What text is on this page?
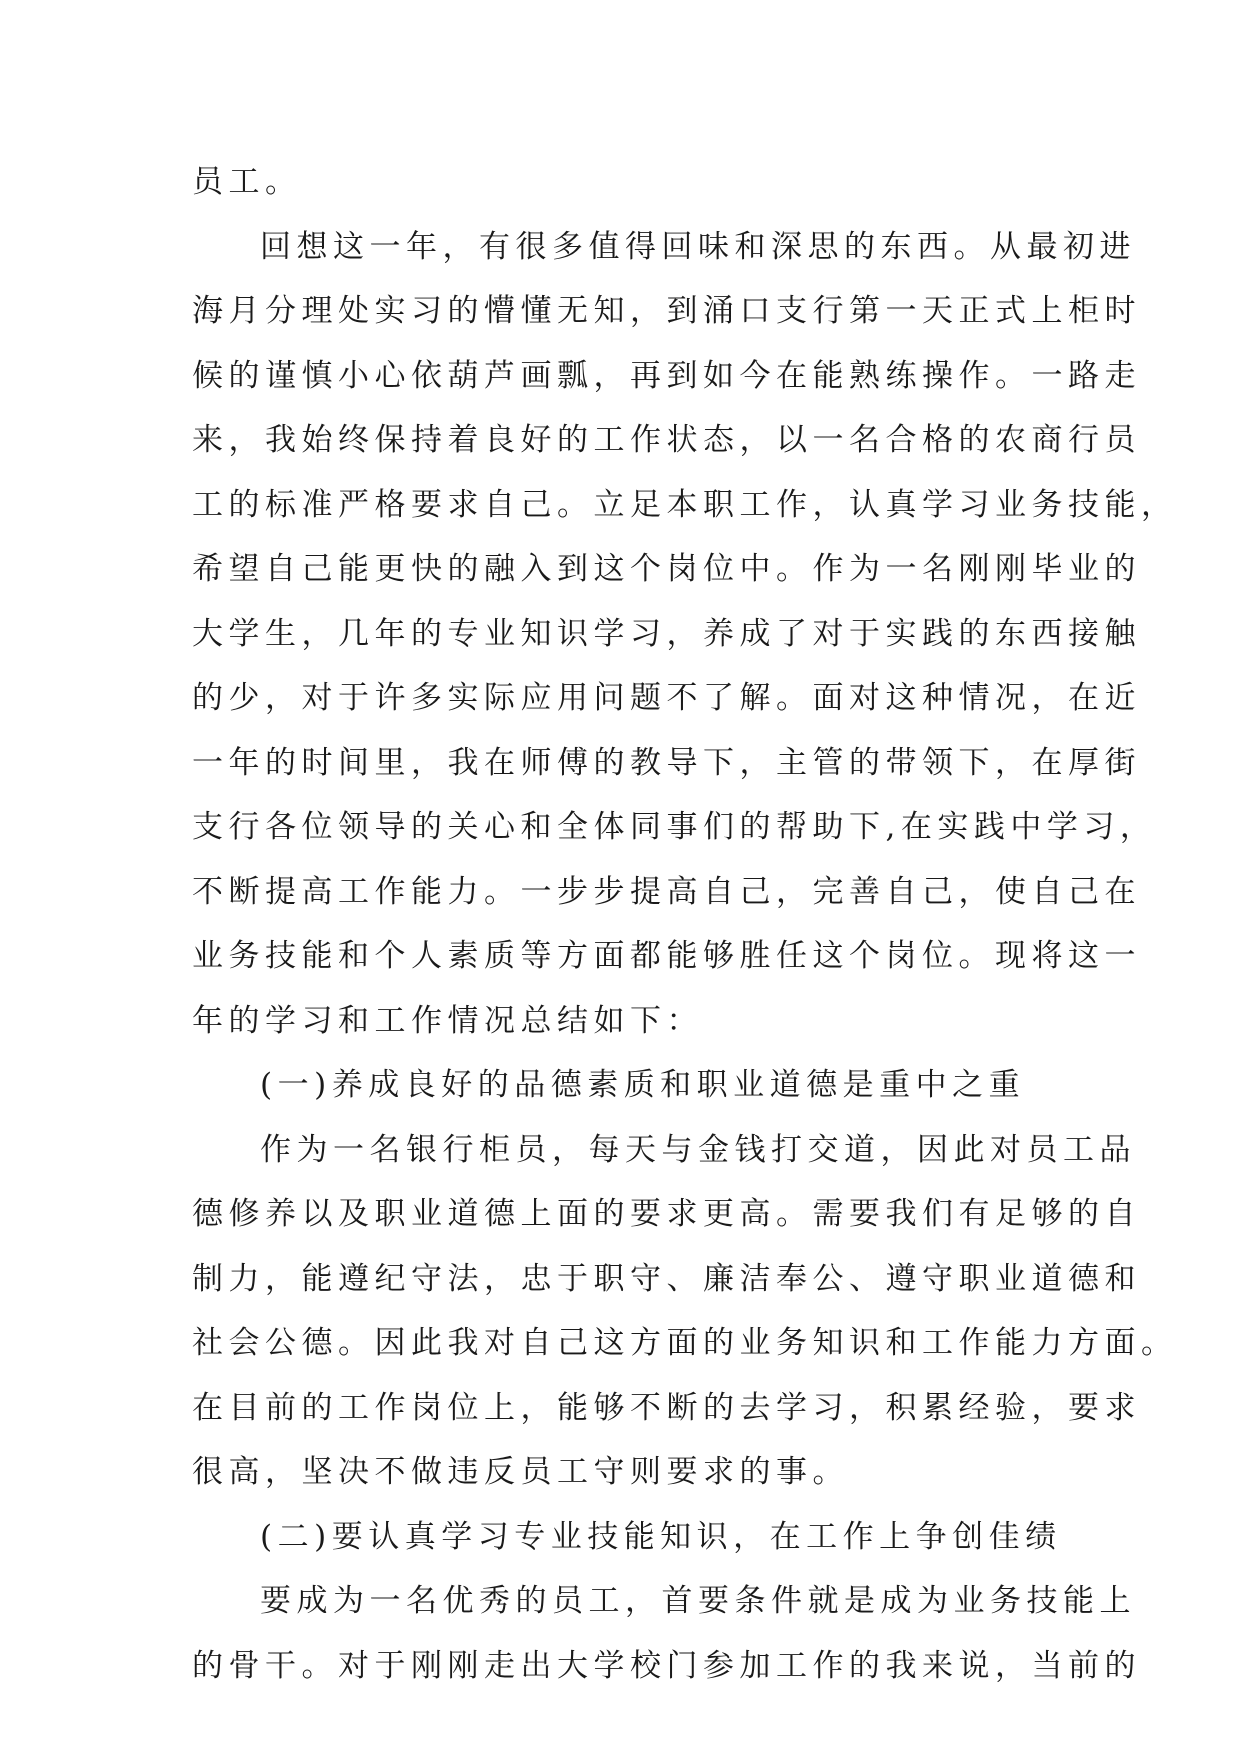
员工。
回想这一年，有很多值得回味和深思的东西。从最初进
海月分理处实习的懵懂无知，到涌口支行第一天正式上柜时
候的谨慎小心依葫芦画瓢，再到如今在能熟练操作。一路走
来，我始终保持着良好的工作状态，以一名合格的农商行员
工的标准严格要求自己。立足本职工作，认真学习业务技能，
希望自己能更快的融入到这个岗位中。作为一名刚刚毕业的
大学生，几年的专业知识学习，养成了对于实践的东西接触
的少，对于许多实际应用问题不了解。面对这种情况，在近
一年的时间里，我在师傅的教导下，主管的带领下，在厚街
支行各位领导的关心和全体同事们的帮助下,在实践中学习，
不断提高工作能力。一步步提高自己，完善自己，使自己在
业务技能和个人素质等方面都能够胜任这个岗位。现将这一
年的学习和工作情况总结如下：
(一)养成良好的品德素质和职业道德是重中之重
作为一名银行柜员，每天与金钱打交道，因此对员工品
德修养以及职业道德上面的要求更高。需要我们有足够的自
制力，能遵纪守法，忠于职守、廉洁奉公、遵守职业道德和
社会公德。因此我对自己这方面的业务知识和工作能力方面。
在目前的工作岗位上，能够不断的去学习，积累经验，要求
很高，坚决不做违反员工守则要求的事。
(二)要认真学习专业技能知识，在工作上争创佳绩
要成为一名优秀的员工，首要条件就是成为业务技能上
的骨干。对于刚刚走出大学校门参加工作的我来说，当前的
